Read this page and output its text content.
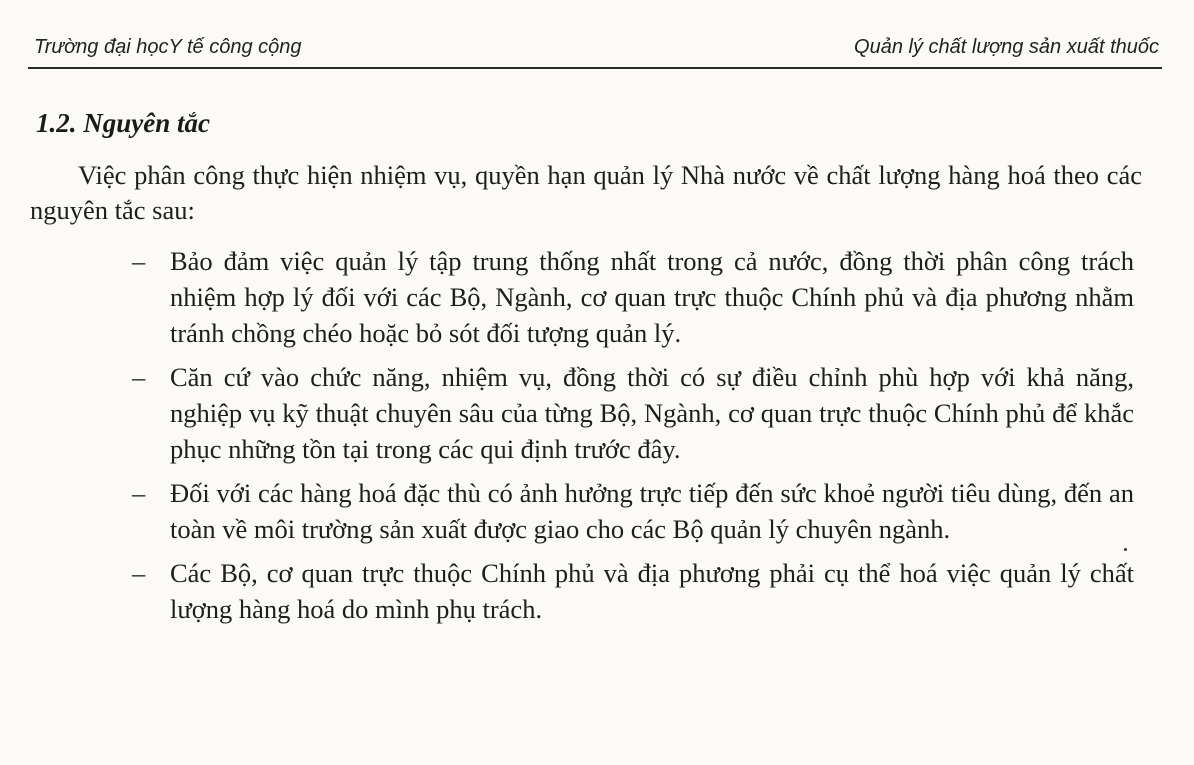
Trường đại họcY tế công cộng	Quản lý chất lượng sản xuất thuốc
1.2. Nguyên tắc

Việc phân công thực hiện nhiệm vụ, quyền hạn quản lý Nhà nước về chất lượng hàng hoá theo các nguyên tắc sau:

– Bảo đảm việc quản lý tập trung thống nhất trong cả nước, đồng thời phân công trách nhiệm hợp lý đối với các Bộ, Ngành, cơ quan trực thuộc Chính phủ và địa phương nhằm tránh chồng chéo hoặc bỏ sót đối tượng quản lý.
– Căn cứ vào chức năng, nhiệm vụ, đồng thời có sự điều chỉnh phù hợp với khả năng, nghiệp vụ kỹ thuật chuyên sâu của từng Bộ, Ngành, cơ quan trực thuộc Chính phủ để khắc phục những tồn tại trong các qui định trước đây.
– Đối với các hàng hoá đặc thù có ảnh hưởng trực tiếp đến sức khoẻ người tiêu dùng, đến an toàn về môi trường sản xuất được giao cho các Bộ quản lý chuyên ngành.
– Các Bộ, cơ quan trực thuộc Chính phủ và địa phương phải cụ thể hoá việc quản lý chất lượng hàng hoá do mình phụ trách.
